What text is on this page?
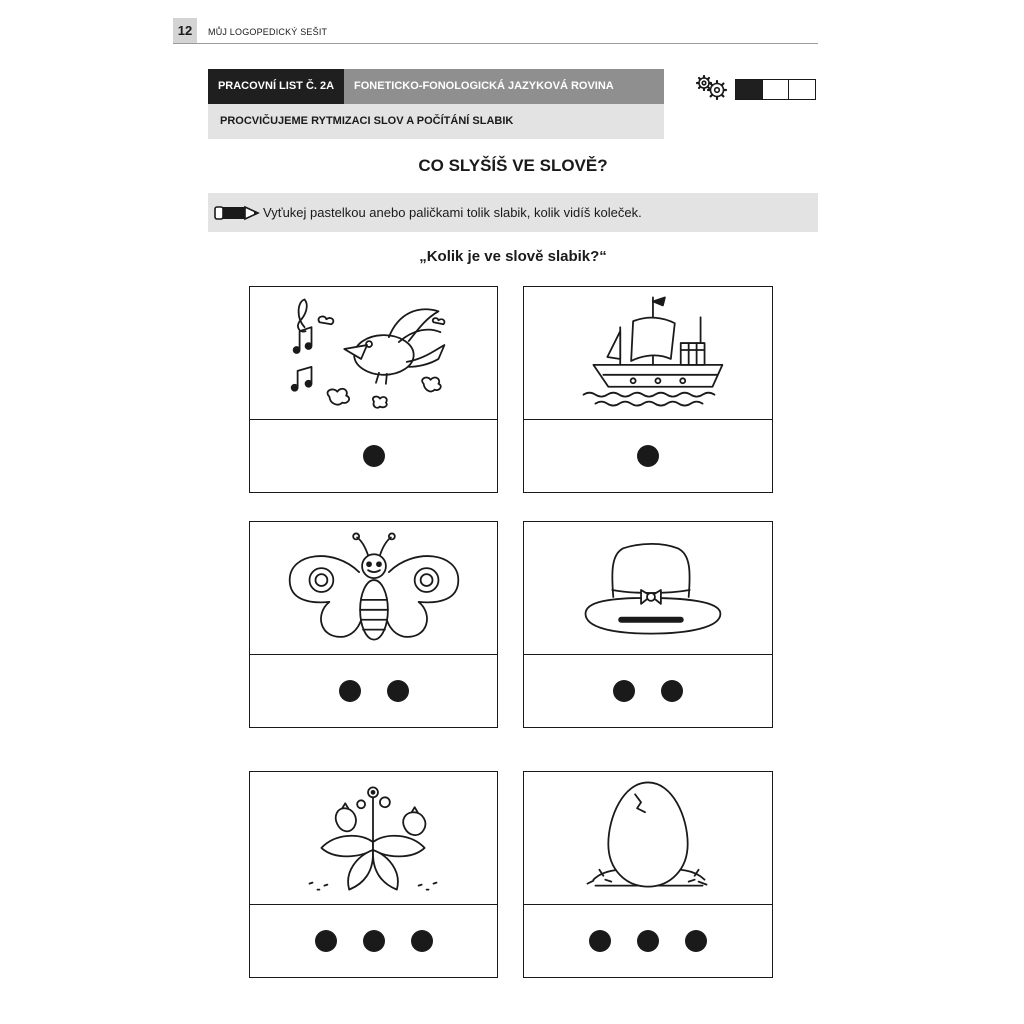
12	MŮJ LOGOPEDICKÝ SEŠIT
PRACOVNÍ LIST Č. 2A	FONETICKO-FONOLOGICKÁ JAZYKOVÁ ROVINA
PROCVIČUJEME RYTMIZACI SLOV A POČÍTÁNÍ SLABIK
CO SLYŠÍŠ VE SLOVĚ?
Vyťukej pastelkou anebo paličkami tolik slabik, kolik vidíš koleček.
„Kolik je ve slově slabik?“
